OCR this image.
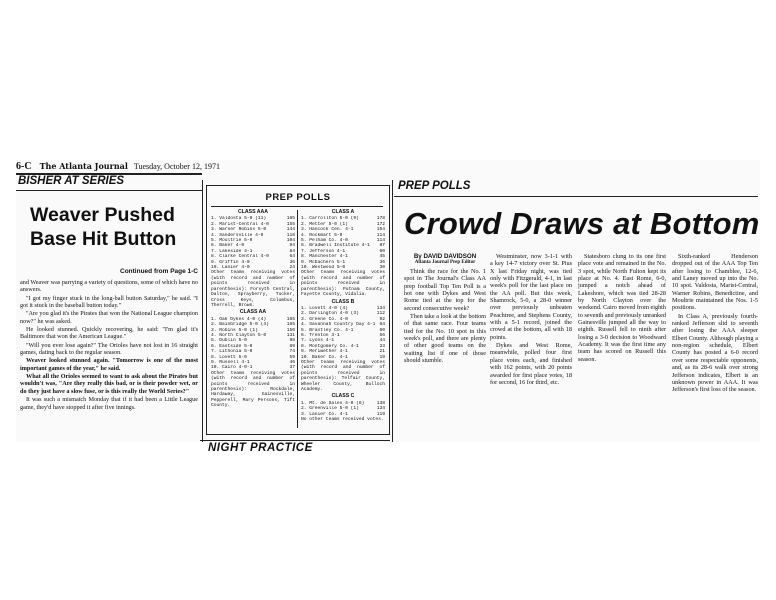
6-C The Atlanta Journal Tuesday, October 12, 1971
BISHER AT SERIES
Weaver Pushed
Base Hit Button
Continued from Page 1-C

and Weaver was parrying a variety of questions, some of which have no answers.

"I got my finger stuck in the long-ball button Saturday," he said. "I got it stuck in the baseball button today."

"Are you glad it's the Pirates that won the National League champion now?" he was asked.

He looked stunned. Quickly recovering, he said: "I'm glad it's Baltimore that won the American League."

"Will you ever lose again?" The Orioles have not lost in 16 straight games, dating back to the regular season.

Weaver looked stunned again. "Tomorrow is one of the most important games of the year," he said.

What all the Orioles seemed to want to ask about the Pirates but wouldn't was, "Are they really this bad, or is their powder wet, or do they just have a slow fuse, or is this really the World Series?"

It was such a mismatch Monday that if it had been a Little League game, they'd have stopped it after five innings.

PREP POLLS
CLASS AAA
1. Valdosta 5-0 (11)	185
2. Marist-Central 4-0	155
3. Warner Robins 5-0	144
4. Sandersville 4-0	118
5. Moultrie 5-0	104
6. Baker 4-0	94
7. Lakeside 4-1	84
8. Clarke Central 4-0	64
9. Griffin 4-0	36
10. Lanier 4-0	24
Other teams receiving votes (with record and number of points received in parenthesis): Forsyth Central, Dalton, Sprayberry, Tucker, Cross Keys, Columbus, Therrell, Brown.
CLASS AA
1. Oak Dykes 4-0 (4)	165
2. Bainbridge 5-0 (4)	165
3. Robins 5-0 (1)	150
4. North Clayton 5-0	131
5. Dublin 5-0	98
6. Eastside 5-0	89
7. Lithonia 5-0	74
8. Lovett 5-0	59
9. Russell 4-1	46
10. Cairo 4-0-1	37
Other teams receiving votes (with record and number of points received in parenthesis): Rockdale, Hardaway, Gainesville, Pepperell, Mary Persons, Tift County.
CLASS A
1. Carrollton 5-0 (9)	178
2. Metter 5-0 (1)	172
3. Hancock Cen. 4-1	154
4. Rockmart 5-0	114
5. Pelham Co. 4-0	114
6. Bradwell Institute 4-1 87
7. Jefferson 4-1	60
8. Manchester 4-1	45
9. McEachern 5-1	36
10. Westwood 5-0	30
Other teams receiving votes (with record and number of points received in parenthesis): Putnam County, Fayette County, Vidalia.
CLASS B
1. Lovett 4-0 (4)	134
2. Darlington 4-0 (3)	112
3. Greene Co. 4-0	92
4. Savannah Country Day 4-1 84
5. Brantley Co. 4-1	60
6. Trenton 3-1	56
7. Lyons 4-1	44
8. Montgomery Co. 4-1	33
9. Meriwether 4-1	21
10. Baker Co. 4-1	19
Other teams receiving votes (with record and number of points received in parenthesis): Telfair County, Wheeler County, Bulloch Academy.
CLASS C
1. Mt. de Sales 4-0 (6)	138
2. Greenville 5-0 (1)	134
3. Lanier Co. 4-1	119
No other teams received votes.
NIGHT PRACTICE
PREP POLLS
Crowd Draws at Bottom
By DAVID DAVIDSON
Atlanta Journal Prep Editor

Think the race for the No. 1 spot in The Journal's Class AA prep football Top Ten Poll is a hot one with Dykes and West Rome tied at the top for the second consecutive week?

Then take a look at the bottom of that same race. Four teams tied for the No. 10 spot in this week's poll, and there are plenty of other good teams on the waiting list if one of those should stumble.

Westminster, now 3-1-1 with a key 14-7 victory over St. Pius X last Friday night, was tied only with Fitzgerald, 4-1, in last week's poll for the last place on the AA poll. But this week, Shamrock, 5-0, a 28-0 winner over previously unbeaten Peachtree, and Stephens County, with a 5-1 record, joined the crowd at the bottom, all with 18 points.

Dykes and West Rome, meanwhile, polled four first place votes each, and finished with 162 points, with 20 points awarded for first place votes, 18 for second, 16 for third, etc.

Statesboro clung to its one first place vote and remained in the No. 3 spot, while North Fulton kept its place at No. 4. East Rome, 6-0, jumped a notch ahead of Lakeshore, which was tied 28-28 by North Clayton over the weekend. Cairo moved from eighth to seventh and previously unranked Gainesville jumped all the way to eighth. Russell fell to ninth after losing a 3-0 decision to Woodward Academy. It was the first time any team has scored on Russell this season.

Sixth-ranked Henderson dropped out of the AAA Top Ten after losing to Chamblee, 12-6, and Laney moved up into the No. 10 spot. Valdosta, Marist-Central, Warner Robins, Benedictine, and Moultrie maintained the Nos. 1-5 positions.

In Class A, previously fourth-ranked Jefferson slid to seventh after losing the AAA sleeper Elbert County. Although playing a non-region schedule, Elbert County has posted a 6-0 record over some respectable opponents, and, as its 28-6 walk over strong Jefferson indicates, Elbert is an unknown power in AAA. It was Jefferson's first loss of the season.
